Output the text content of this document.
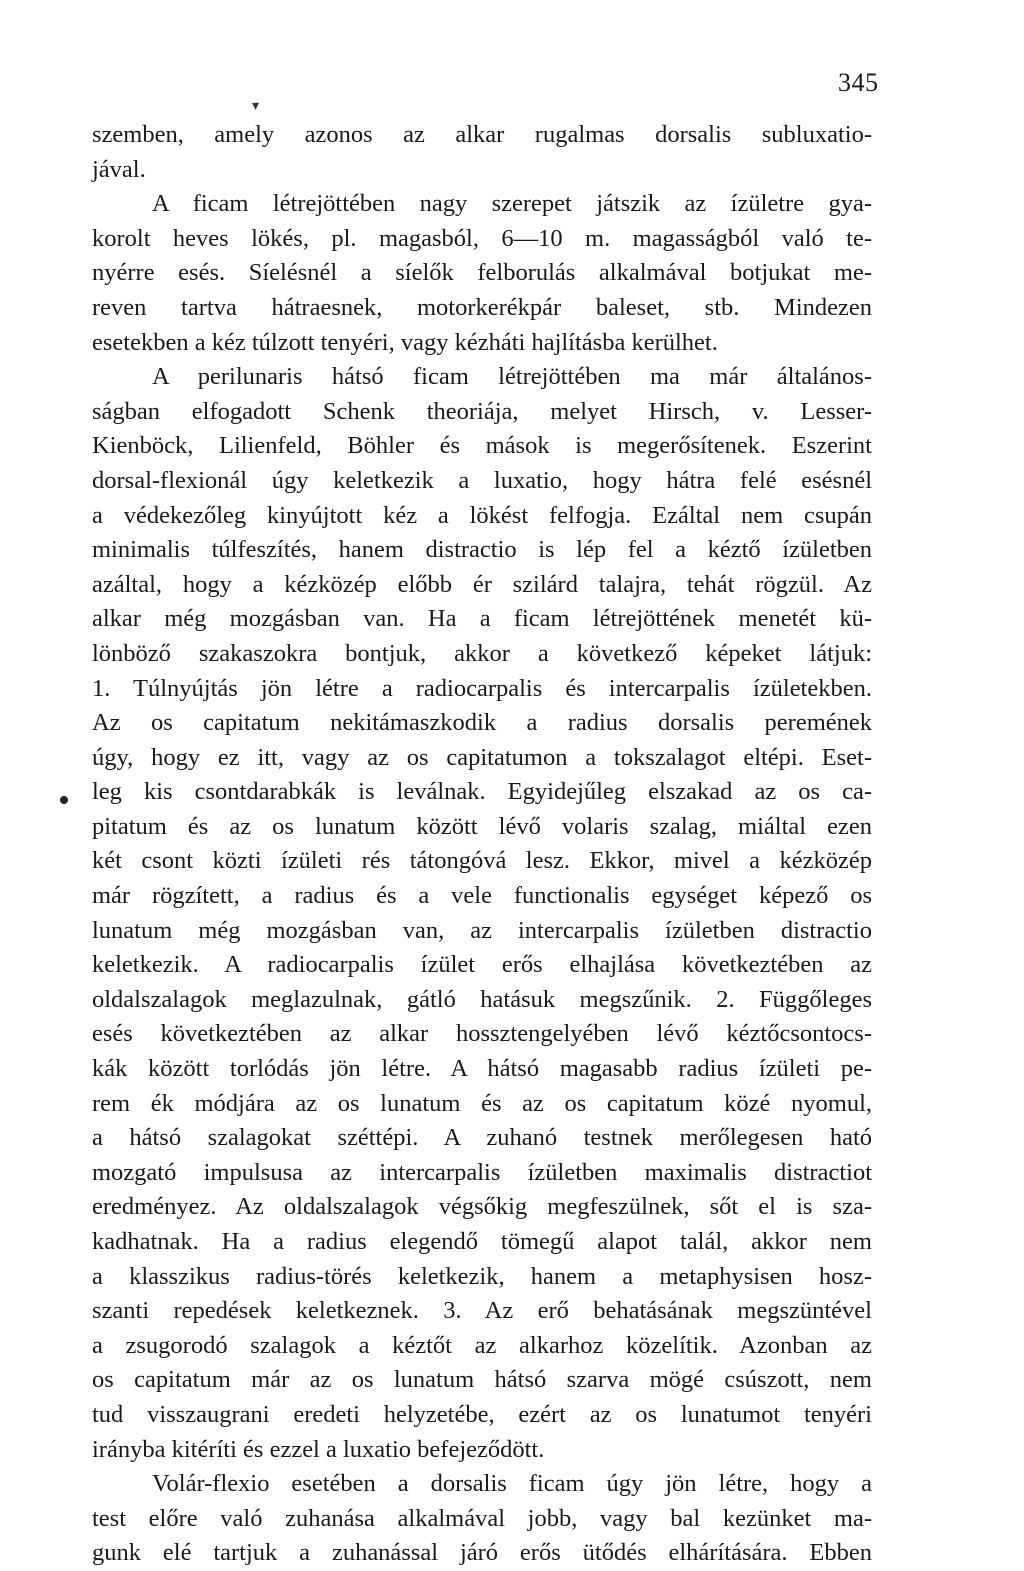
345
▾
szemben, amely azonos az alkar rugalmas dorsalis subluxatio-
jával.
A ficam létrejöttében nagy szerepet játszik az ízületre gya-
korolt heves lökés, pl. magasból, 6—10 m. magasságból való te-
nyérre esés. Síelésnél a síelők felborulás alkalmával botjukat me-
reven tartva hátraesnek, motorkerékpár baleset, stb. Mindezen
esetekben a kéz túlzott tenyéri, vagy kézháti hajlításba kerülhet.
A perilunaris hátsó ficam létrejöttében ma már általános-
ságban elfogadott Schenk theoriája, melyet Hirsch, v. Lesser-
Kienböck, Lilienfeld, Böhler és mások is megerősítenek. Eszerint
dorsal-flexionál úgy keletkezik a luxatio, hogy hátra felé esésnél
a védekezőleg kinyújtott kéz a lökést felfogja. Ezáltal nem csupán
minimalis túlfeszítés, hanem distractio is lép fel a kéztő ízületben
azáltal, hogy a kézközép előbb ér szilárd talajra, tehát rögzül. Az
alkar még mozgásban van. Ha a ficam létrejöttének menetét kü-
lönböző szakaszokra bontjuk, akkor a következő képeket látjuk:
1. Túlnyújtás jön létre a radiocarpalis és intercarpalis ízületekben.
Az os capitatum nekitámaszkodik a radius dorsalis peremének
úgy, hogy ez itt, vagy az os capitatumon a tokszalagot eltépi. Eset-
leg kis csontdarabkák is leválnak. Egyidejűleg elszakad az os ca-
pitatum és az os lunatum között lévő volaris szalag, miáltal ezen
két csont közti ízületi rés tátongóvá lesz. Ekkor, mivel a kézközép
már rögzített, a radius és a vele functionalis egységet képező os
lunatum még mozgásban van, az intercarpalis ízületben distractio
keletkezik. A radiocarpalis ízület erős elhajlása következtében az
oldalszalagok meglazulnak, gátló hatásuk megszűnik. 2. Függőleges
esés következtében az alkar hossztengelyében lévő kéztőcsontocs-
kák között torlódás jön létre. A hátsó magasabb radius ízületi pe-
rem ék módjára az os lunatum és az os capitatum közé nyomul,
a hátsó szalagokat széttépi. A zuhanó testnek merőlegesen ható
mozgató impulsusa az intercarpalis ízületben maximalis distractiot
eredményez. Az oldalszalagok végsőkig megfeszülnek, sőt el is sza-
kadhatnak. Ha a radius elegendő tömegű alapot talál, akkor nem
a klasszikus radius-törés keletkezik, hanem a metaphysisen hosz-
szanti repedések keletkeznek. 3. Az erő behatásának megszüntével
a zsugorodó szalagok a kéztőt az alkarhoz közelítik. Azonban az
os capitatum már az os lunatum hátsó szarva mögé csúszott, nem
tud visszaugrani eredeti helyzetébe, ezért az os lunatumot tenyéri
irányba kitéríti és ezzel a luxatio befejeződött.
Volár-flexio esetében a dorsalis ficam úgy jön létre, hogy a
test előre való zuhanása alkalmával jobb, vagy bal kezünket ma-
gunk elé tartjuk a zuhanással járó erős ütődés elhárítására. Ebben
